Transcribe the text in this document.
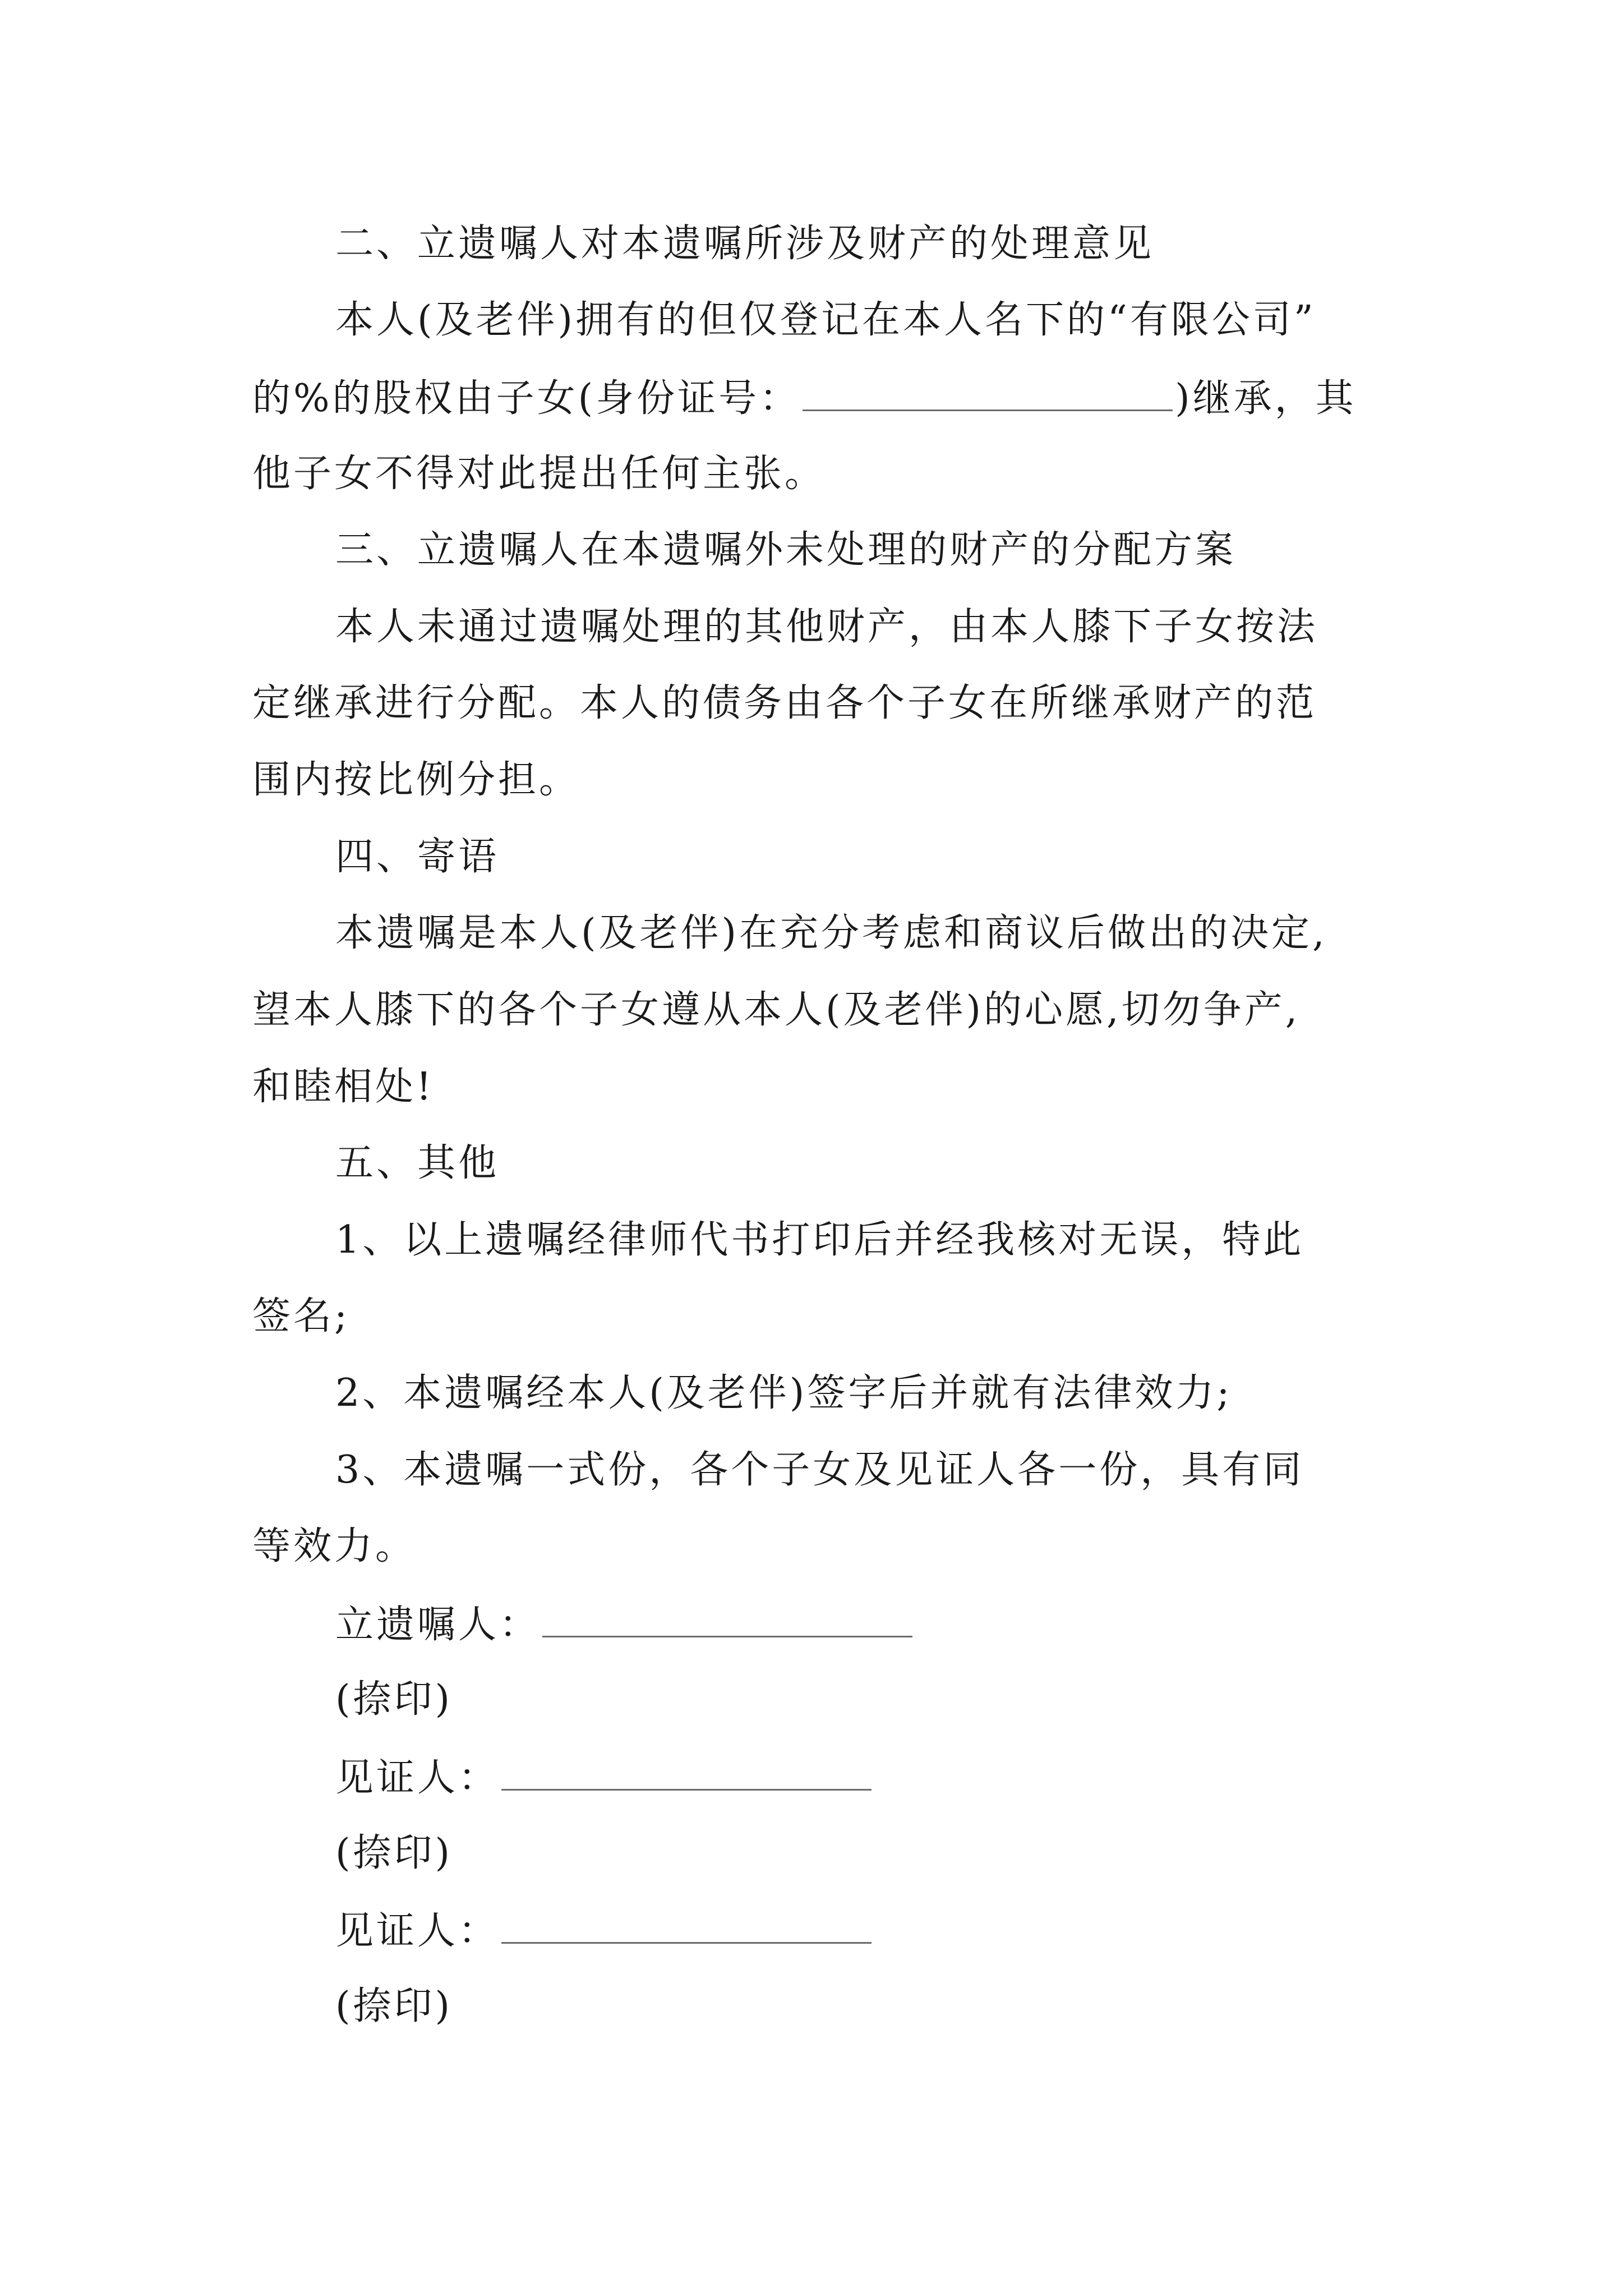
二、立遗嘱人对本遗嘱所涉及财产的处理意见
本人(及老伴)拥有的但仅登记在本人名下的“有限公司”
的%的股权由子女(身份证号：	)继承，其
他子女不得对此提出任何主张。
三、立遗嘱人在本遗嘱外未处理的财产的分配方案
本人未通过遗嘱处理的其他财产，由本人膝下子女按法
定继承进行分配。本人的债务由各个子女在所继承财产的范
围内按比例分担。
四、寄语
本遗嘱是本人(及老伴)在充分考虑和商议后做出的决定,
望本人膝下的各个子女遵从本人(及老伴)的心愿,切勿争产,
和睦相处!
五、其他
1、以上遗嘱经律师代书打印后并经我核对无误，特此
签名;
2、本遗嘱经本人(及老伴)签字后并就有法律效力;
3、本遗嘱一式份，各个子女及见证人各一份，具有同
等效力。
立遗嘱人：
(捺印)
见证人：
(捺印)
见证人：
(捺印)
